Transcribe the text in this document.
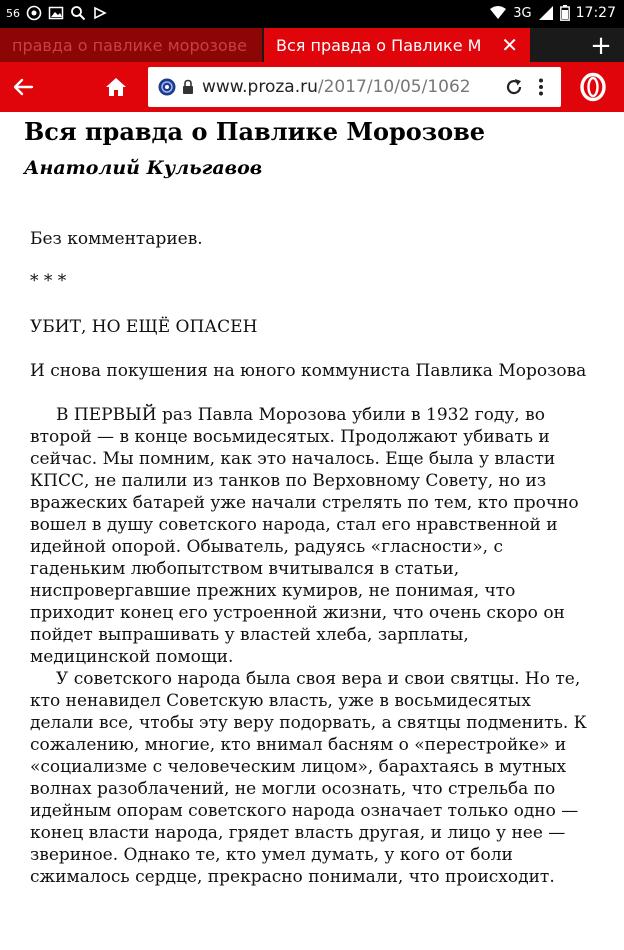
56	3G	17:27
правда о павлике морозове Вся правда о Павлике М ✕	+
www.proza.ru/2017/10/05/1062
Вся правда о Павлике Морозове
Анатолий Кульгавов
Без комментариев.
* * *
УБИТ, НО ЕЩЁ ОПАСЕН
И снова покушения на юного коммуниста Павлика Морозова

В ПЕРВЫЙ раз Павла Морозова убили в 1932 году, во второй — в конце восьмидесятых. Продолжают убивать и сейчас. Мы помним, как это началось. Еще была у власти КПСС, не палили из танков по Верховному Совету, но из вражеских батарей уже начали стрелять по тем, кто прочно вошел в душу советского народа, стал его нравственной и идейной опорой. Обыватель, радуясь «гласности», с гаденьким любопытством вчитывался в статьи, ниспровергавшие прежних кумиров, не понимая, что приходит конец его устроенной жизни, что очень скоро он пойдет выпрашивать у властей хлеба, зарплаты, медицинской помощи.

У советского народа была своя вера и свои святцы. Но те, кто ненавидел Советскую власть, уже в восьмидесятых делали все, чтобы эту веру подорвать, а святцы подменить. К сожалению, многие, кто внимал басням о «перестройке» и «социализме с человеческим лицом», барахтаясь в мутных волнах разоблачений, не могли осознать, что стрельба по идейным опорам советского народа означает только одно — конец власти народа, грядет власть другая, и лицо у нее — звериное. Однако те, кто умел думать, у кого от боли сжималось сердце, прекрасно понимали, что происходит.
